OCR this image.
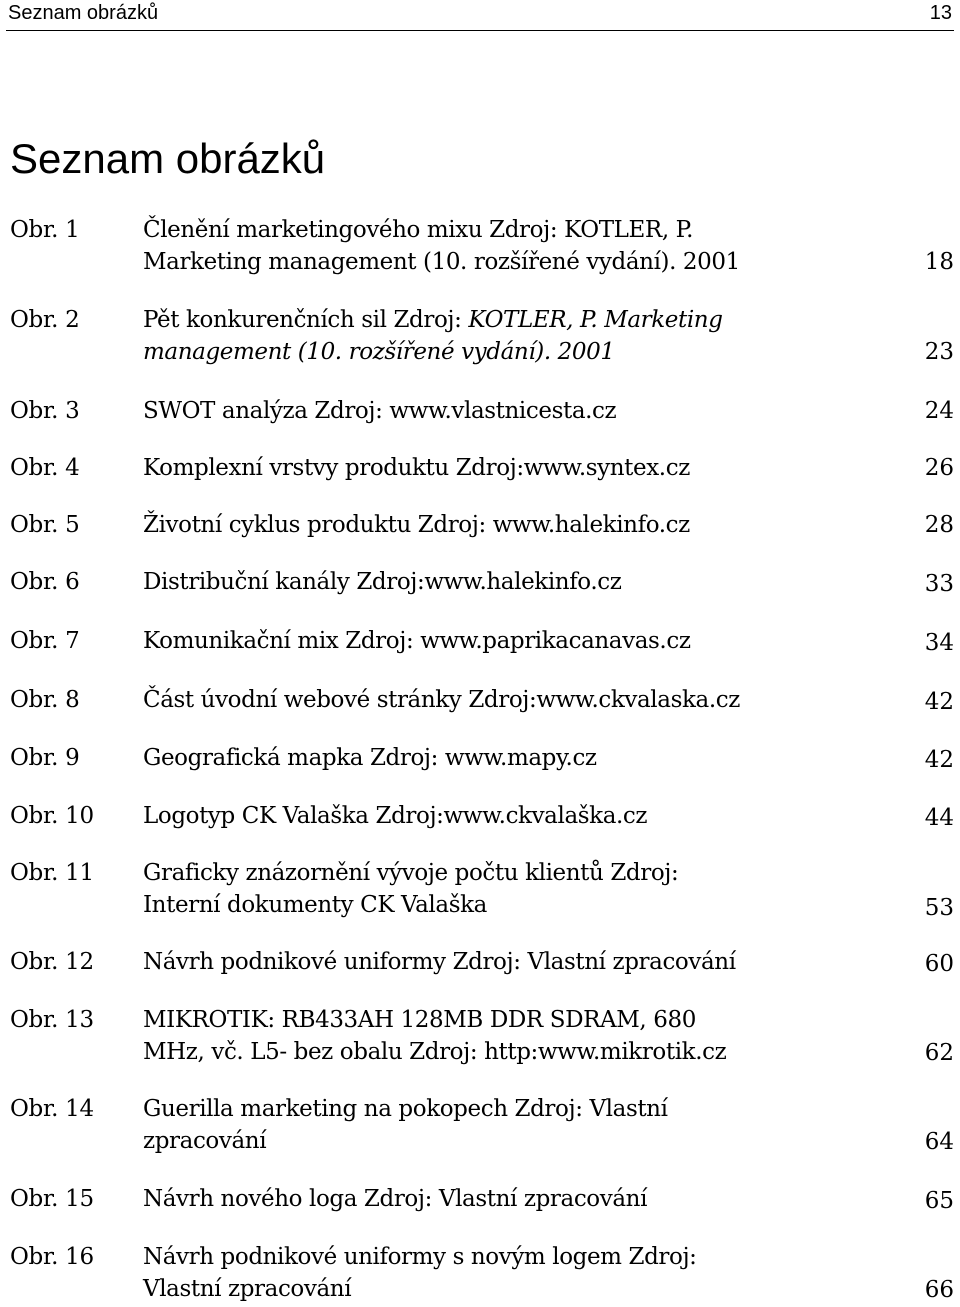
Seznam obrázků	13
Seznam obrázků
Obr. 1	Členění marketingového mixu Zdroj: KOTLER, P.
Marketing management (10. rozšířené vydání). 2001	18
Obr. 2	Pět konkurenčních sil Zdroj: KOTLER, P. Marketing
management (10. rozšířené vydání). 2001	23
Obr. 3	SWOT analýza Zdroj: www.vlastnicesta.cz	24
Obr. 4	Komplexní vrstvy produktu Zdroj:www.syntex.cz	26
Obr. 5	Životní cyklus produktu Zdroj: www.halekinfo.cz	28
Obr. 6	Distribuční kanály Zdroj:www.halekinfo.cz	33
Obr. 7	Komunikační mix Zdroj: www.paprikacanavas.cz	34
Obr. 8	Část úvodní webové stránky Zdroj:www.ckvalaska.cz	42
Obr. 9	Geografická mapka Zdroj: www.mapy.cz	42
Obr. 10 Logotyp CK Valaška Zdroj:www.ckvalaška.cz	44
Obr. 11 Graficky znázornění vývoje počtu klientů Zdroj:
Interní dokumenty CK Valaška	53
Obr. 12 Návrh podnikové uniformy Zdroj: Vlastní zpracování	60
Obr. 13 MIKROTIK: RB433AH 128MB DDR SDRAM, 680
MHz, vč. L5- bez obalu Zdroj: http:www.mikrotik.cz	62
Obr. 14 Guerilla marketing na pokopech Zdroj: Vlastní
zpracování	64
Obr. 15 Návrh nového loga Zdroj: Vlastní zpracování	65
Obr. 16 Návrh podnikové uniformy s novým logem Zdroj:
Vlastní zpracování	66
